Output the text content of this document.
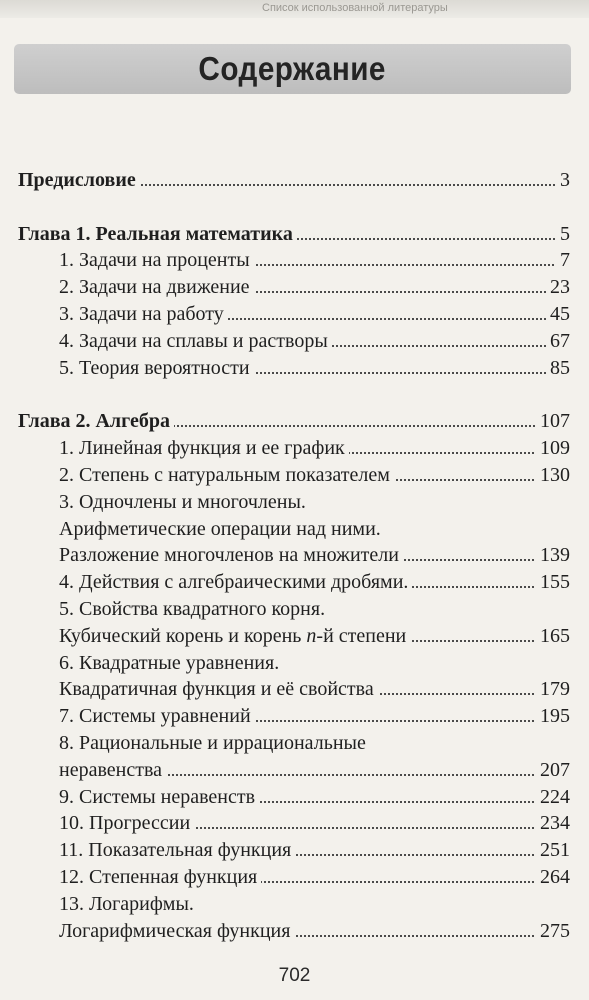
Список использованной литературы
Содержание
Предисловие	3
Глава 1. Реальная математика	5
1. Задачи на проценты	7
2. Задачи на движение	23
3. Задачи на работу	45
4. Задачи на сплавы и растворы	67
5. Теория вероятности	85
Глава 2. Алгебра	107
1. Линейная функция и ее график	109
2. Степень с натуральным показателем	130
3. Одночлены и многочлены.
Арифметические операции над ними.
Разложение многочленов на множители	139
4. Действия с алгебраическими дробями.	155
5. Свойства квадратного корня.
Кубический корень и корень n-й степени	165
6. Квадратные уравнения.
Квадратичная функция и её свойства	179
7. Системы уравнений	195
8. Рациональные и иррациональные
неравенства	207
9. Системы неравенств	224
10. Прогрессии	234
11. Показательная функция	251
12. Степенная функция	264
13. Логарифмы.
Логарифмическая функция	275
702
